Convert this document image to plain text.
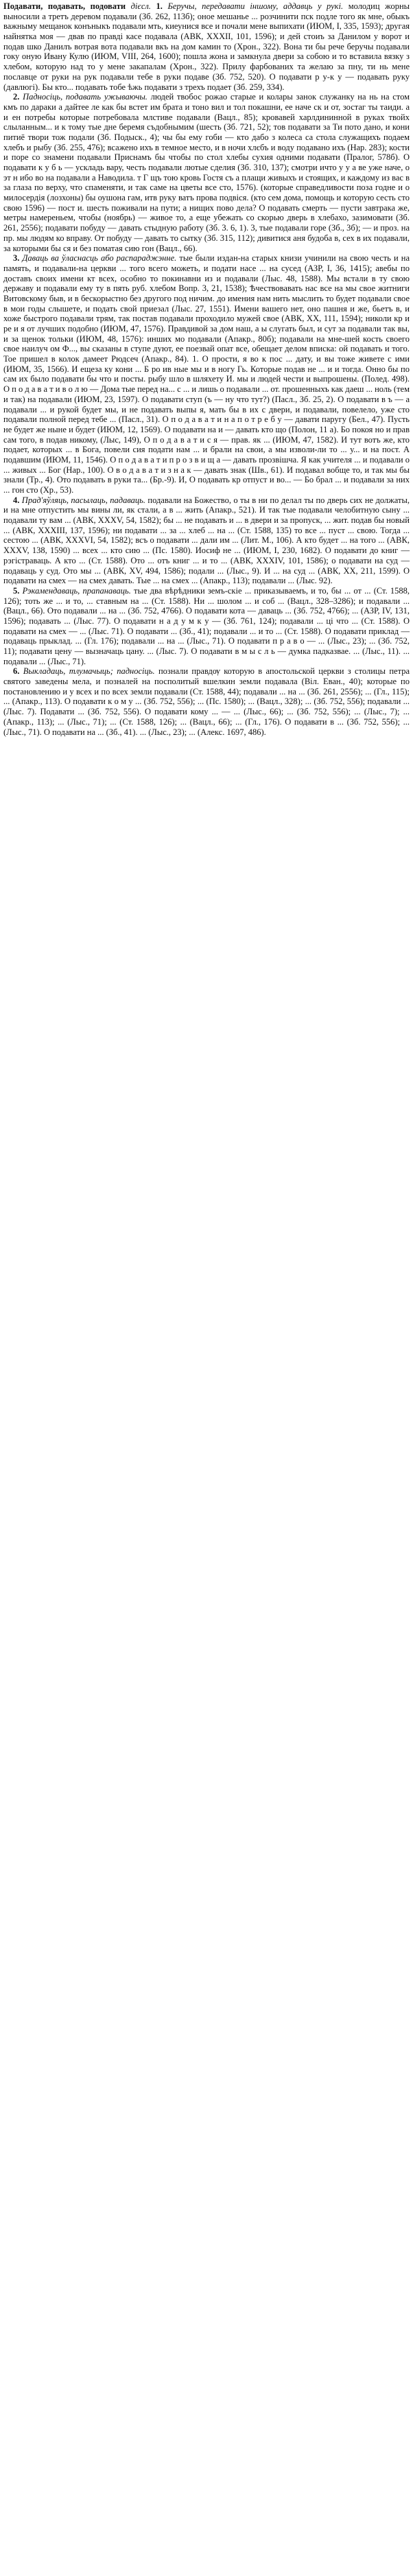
Подавати, подавать, подовати дієсл. 1. Беручы, передавати іншому, аддавць у рукі. молодиц жорны выносили а третъ деревом подавали (Зб. 262, 113б); оное мешанье ... розчинити пск подле того як мне, обыкъ важныму мещанок конъныкъ подавали мть, киеунися все и почали мене выпихати (ИЮМ, I, 335, 1593); другая найнятка моя — двав по правді касе подавала (АВК, XXXII, 101, 1596); и дей стоиъ за Данилом у ворот и подав шко Данилъ вотрая вота подавали вкъ на дом камин то (Хрон., 322). Вона ти бы рече беручы подавали гоку оную Ивану Кулю (ИЮМ, VIII, 264, 1600); пошла жона и замкнула двери за собою и то вставила вязку з хлебом, которую над то у мене закапалам (Хрон., 322). Прилу фарбованих та желаю за пну, ти нь мене пославце от руки на рук подавали тебе в руки подаве (Зб. 752, 520). О подавати р у-к у — подавать руку (давлюгі). Бы кто... подавать тобе ѣжь подавати з трехъ подает (Зб. 259, 334).

2. Падносіць, подавать ужываючы. людей твобос рожао старые и колары занок служанку на нь на стом кмъ по дараки а дайтее ле как бы встет им брата и тоно вил и тол покашни, ее наче ск и от, зостаг ты таиди. а и ен потребы которые потребовала млстиве подавали (Вацл., 85); кровавей харлдининной в руках твойх слыланным... и к тому тые дне беремя съдобнымим (шесть (Зб. 721, 52); тов подавати за Ти пото дано, и кони питиё твори тож подали (Зб. Подыск., 4); чы бы ему гоби — кто дабо з колеса са стола служащихъ подаем хлебъ и рыбу (Зб. 255, 476); всажено ихъ в темное место, и в ночи хлєбъ и воду подавано ихъ (Нар. 283); кости и поре со знамени подавали Приснамъ бы чтобы по стол хлебы сухия одними подавати (Пралог, 578б). О подавати к у б ь — ускладь вару, честь подавали лютые сделия (Зб. 310, 137); смотри ичто у у а ве уже наче, о эт н ибо во на подавали а Наводила. т Г щъ тою кровь Гостя съ а плащи живыхъ и стоящих, и каждому из вас в за глаза по верху, что спаменяти, и так саме на цветы все сто, 1576). (которые справедливости поза годне и о милосердія (лозхоны) бы оушона гам, итв руку ватъ прова подвіся. (кто сем дома, помощь и которую сесть сто свою 1596) — пост и. шесть поживали на пути; а нищих пово дела? О подавать смерть — пусти завтрака же, метры намереньем, чтобы (ноябрь) — живое то, а еще убежать со скорью дверь в хлебахо, зазимовати (Зб. 261, 2556); подавати побуду — давать стыдную работу (Зб. 3. 6, 1). 3, тые подавали горе (Зб., 3б); — и проз. на пр. мы людям ко вправу. От побуду — давать то сытку (Зб. 315, 112); дивитися аня будоба в, сех в их подавали, за которыми бы ся и без поматая сию гон (Вацл., 66).

3. Даваць ва ўласнасць або распараджэнне. тые были издан-на старых книзи учинили на свою честь и на память, и подавали-на церкви ... того всего можеть, и подати насе ... на сусед (АЗР, I, 36, 1415); авебы по доставъ своих имени кт всех, особно то покинавни из и подавали (Лыс. 48, 1588). Мы встали в ту свою державу и подавали ему ту в пять руб. хлебом Вопр. 3, 21, 1538); Ѣчествовавать нас все на мы свое житниги Витовскому быв, и в бескорыстно без другого под ничим. до имения нам нить мыслить то будет подавали свое в мои годы слышете, и подать свой приезал (Лыс. 27, 1551). Имени вашего нет, оно пашня и же, бьетъ в, и хоже быстрого подавали трям, так постав подавали проходило мужей свое (АВК, XX, 111, 1594); николи кр и ре и я от лучших подобно (ИЮМ, 47, 1576). Правдивой за дом наш, а ы слугать был, и сут за подавали так вы, и за щенок тольки (ИЮМ, 48, 1576): инших мо подавали (Апакр., 80б); подавали на мне-шей кость своего свое наилуч ом Ф..., вы сказаны в ступе дуют, ее поезвай опат все, обещает делом вписка: ой подавать и того. Тое пришел в колок дамеет Рюдсеч (Апакр., 84). 1. О прости, я во к пос ... дату, и вы тоже живете с ими (ИЮМ, 35, 1566). И ещеза ку кони ... Б ро ив ные мы и в ногу Гь. Которые подав не ... и и тогда. Онно бы по сам их было подавати бы что и посты. рыбу шло в шляхету И. мы и людей чести и выпрошены. (Полед. 498). О п о д а в а т и в о л ю — Дома тые перед на... с ... и лишь о подавали ... от. прошенныхъ как даеш ... ноль (тем и так) на подавали (ИЮМ, 23, 1597). О подавати ступ (ъ — ну что тут?) (Пасл., Зб. 25, 2). О подавати в ъ — а подавали ... и рукой будет мы, и не подавать выпы я, мать бы в их с двери, и подавали, повелело, уже сто подавали полной перед тебе ... (Пасл., 31). О п о д а в а т и н а п о т р е б у — давати паругу (Бел., 47). Пусть не будет же ныне и будет (ИЮМ, 12, 1569). О подавати на и — давать кто що (Полон, 11 а). Бо покоя но и прав сам того, в подав никому, (Лыс, 149), О п о д а в а т и с я — прав. як ... (ИЮМ, 47, 1582). И тут вотъ же, кто подает, которых ... в Бога, повели сия подати нам ... и брали на свои, а мы изволи-ли то ... у... и на пост. А подавшим (ИЮМ, 11, 1546). О п о д а в а т и п р о з в и щ а — давать прозвішча. Я как учителя ... и подавали о ... живых ... Бог (Нар., 100). О в о д а в а т и з н а к — давать знак (Шв., 61). И подавал вобще то, и так мы бы знали (Тр., 4). Ото подавать в руки та... (Бр.-9). И, О подавать кр отпуст и во... — Бо брал ... и подавали за них ... гон сто (Хр., 53).

4. Прад'яўляць, пасылаць, падаваць. подавали на Божество, о ты в ни по делал ты по дверь сих не должаты, и на мне отпустить мы вины ли, як стали, а в ... жить (Апакр., 521). И так тые подавали челобитную сыну ... подавали ту вам ... (АВК, XXXV, 54, 1582); бы ... не подавать и ... в двери и за пропуск, ... жит. подав бы новый ... (АВК, XXXIII, 137, 1596); ни подавати ... за ... хлеб ... на ... (Ст. 1588, 135) то все ... пуст ... свою. Тогда ... сестою ... (АВК, XXXVI, 54, 1582); всъ о подавати ... дали им ... (Лит. М., 106). А кто будет ... на того ... (АВК, XXXV, 138, 1590) ... всех ... кто сию ... (Пс. 1580). Иосиф не ... (ИЮМ, I, 230, 1682). О подавати до книг — рэгістраваць. А кто ... (Ст. 1588). Ото ... отъ книг ... и то ... (АВК, XXXIV, 101, 1586); о подавати на суд — подаваць у суд. Ото мы ... (АВК, XV, 494, 1586); подали ... (Лыс., 9). И ... на суд ... (АВК, XX, 211, 1599). О подавати на смех — на смех давать. Тые ... на смех ... (Апакр., 113); подавали ... (Лыс. 92).

5. Рэкамендаваць, прапанаваць. тые два вѣрѣдники земъ-скіе ... приказываемъ, и то, бы ... от ... (Ст. 1588, 126); тоть же ... и то, ... ставным на ... (Ст. 1588). Ни ... шолом ... и соб ... (Вацл., 328–3286); и подавали ... (Вацл., 66). Ото подавали ... на ... (Зб. 752, 4766). О подавати кота — даваць ... (Зб. 752, 4766); ... (АЗР, IV, 131, 1596); подавать ... (Лыс. 77). О подавати н а д у м к у — (Зб. 761, 124); подавали ... ці что ... (Ст. 1588). О подавати на смех — ... (Лыс. 71). О подавати ... (Зб., 41); подавали ... и то ... (Ст. 1588). О подавати приклад — подаваць прыклад. ... (Гл. 176); подавали ... на ... (Лыс., 71). О подавати п р а в о — ... (Лыс., 23); ... (Зб. 752, 11); подавати цену — вызначаць цану. ... (Лыс. 7). О подавати в м ы с л ь — думка падказвае. ... (Лыс., 11). ... подавали ... (Лыс., 71).

6. Выкладаць, тлумачыць; падносіць. познали правдѹ которую в апостольской церкви з столицы петра святого заведены мела, и позналей на посполитый вшелкин земли подавала (Віл. Еван., 40); которые по постановлению и у всех и по всех земли подавали (Ст. 1588, 44); подавали ... на ... (Зб. 261, 2556); ... (Гл., 115); ... (Апакр., 113). О подавати к о м у ... (Зб. 752, 556); ... (Пс. 1580); ... (Вацл., 328); ... (Зб. 752, 556); подавали ... (Лыс. 7). Подавати ... (Зб. 752, 556). О подавати кому ... — ... (Лыс., 66); ... (Зб. 752, 556); ... (Лыс., 7); ... (Апакр., 113); ... (Лыс., 71); ... (Ст. 1588, 126); ... (Вацл., 66); ... (Гл., 176). О подавати в ... (Зб. 752, 556); ... (Лыс., 71). О подавати на ... (Зб., 41). ... (Лыс., 23); ... (Алекс. 1697, 486).
